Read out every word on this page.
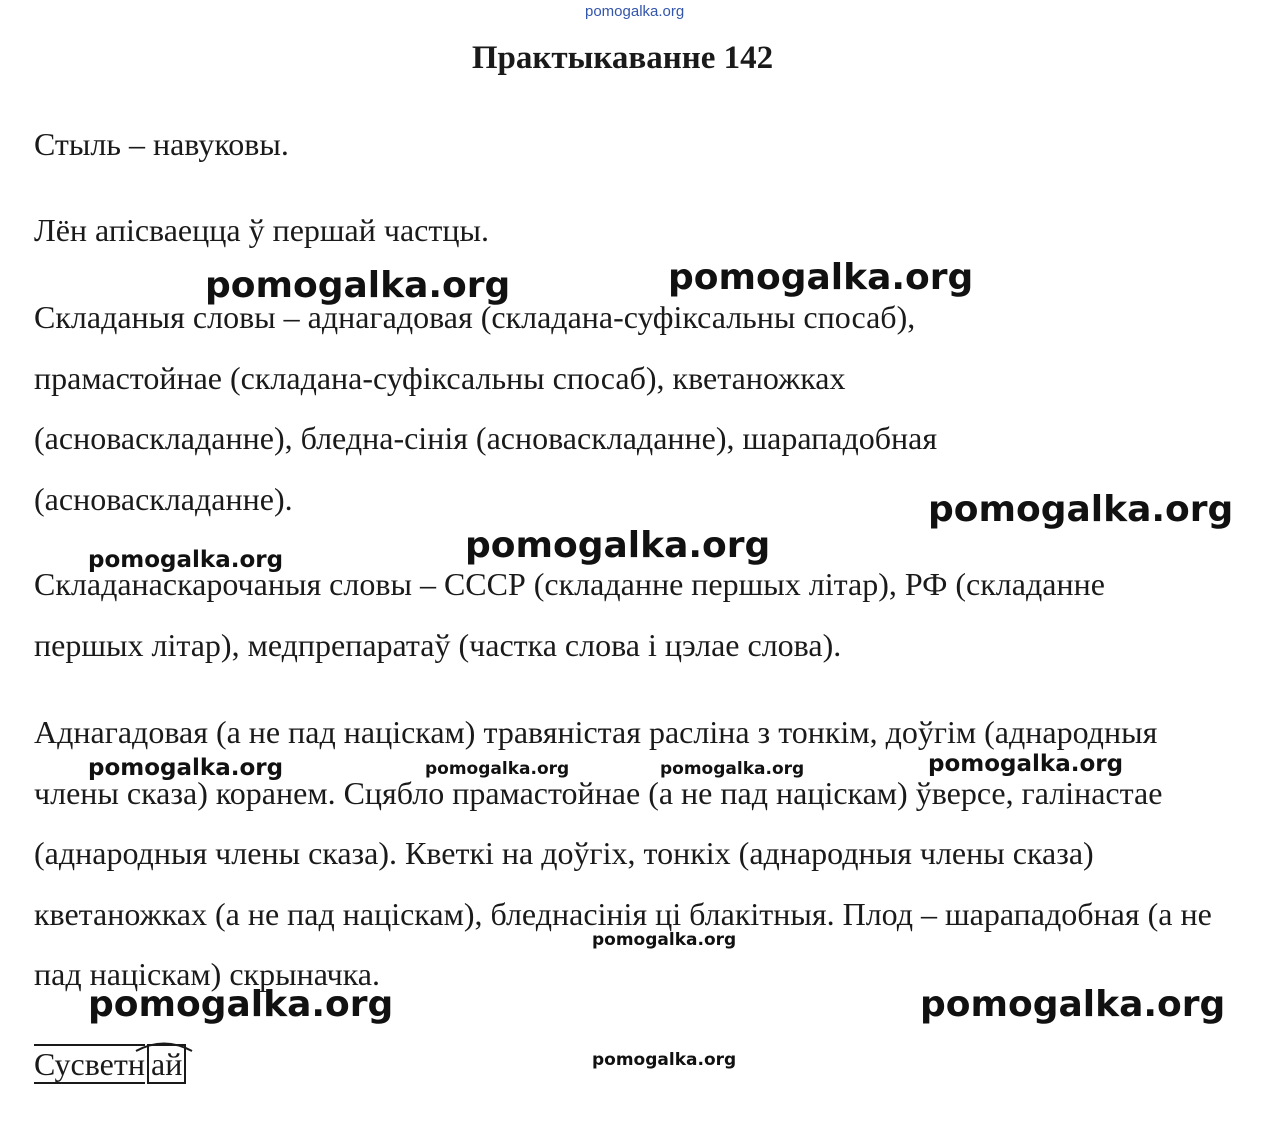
pomogalka.org
Практыкаванне 142

Стыль – навуковы.

Лён апісваецца ў першай частцы.

Складаныя словы – аднагадовая (складана-суфіксальны спосаб), прамастойнае (складана-суфіксальны спосаб), кветаножках (асноваскладанне), бледна-сінія (асноваскладанне), шарападобная (асноваскладанне).

Складанаскарочаныя словы – СССР (складанне першых літар), РФ (складанне першых літар), медпрепаратаў (частка слова і цэлае слова).

Аднагадовая (а не пад націскам) травяністая расліна з тонкім, доўгім (аднародныя члены сказа) коранем. Сцябло прамастойнае (а не пад націскам) ўверсе, галінастае (аднародныя члены сказа). Кветкі на доўгіх, тонкіх (аднародныя члены сказа) кветаножках (а не пад націскам), бледнасінія ці блакітныя. Плод – шарападобная (а не пад націскам) скрыначка.

Сусветн ай
pomogalka.org	pomogalka.org
pomogalka.org
pomogalka.org	pomogalka.org
pomogalka.org	pomogalka.org	pomogalka.org	pomogalka.org
pomogalka.org
pomogalka.org	pomogalka.org
pomogalka.org
